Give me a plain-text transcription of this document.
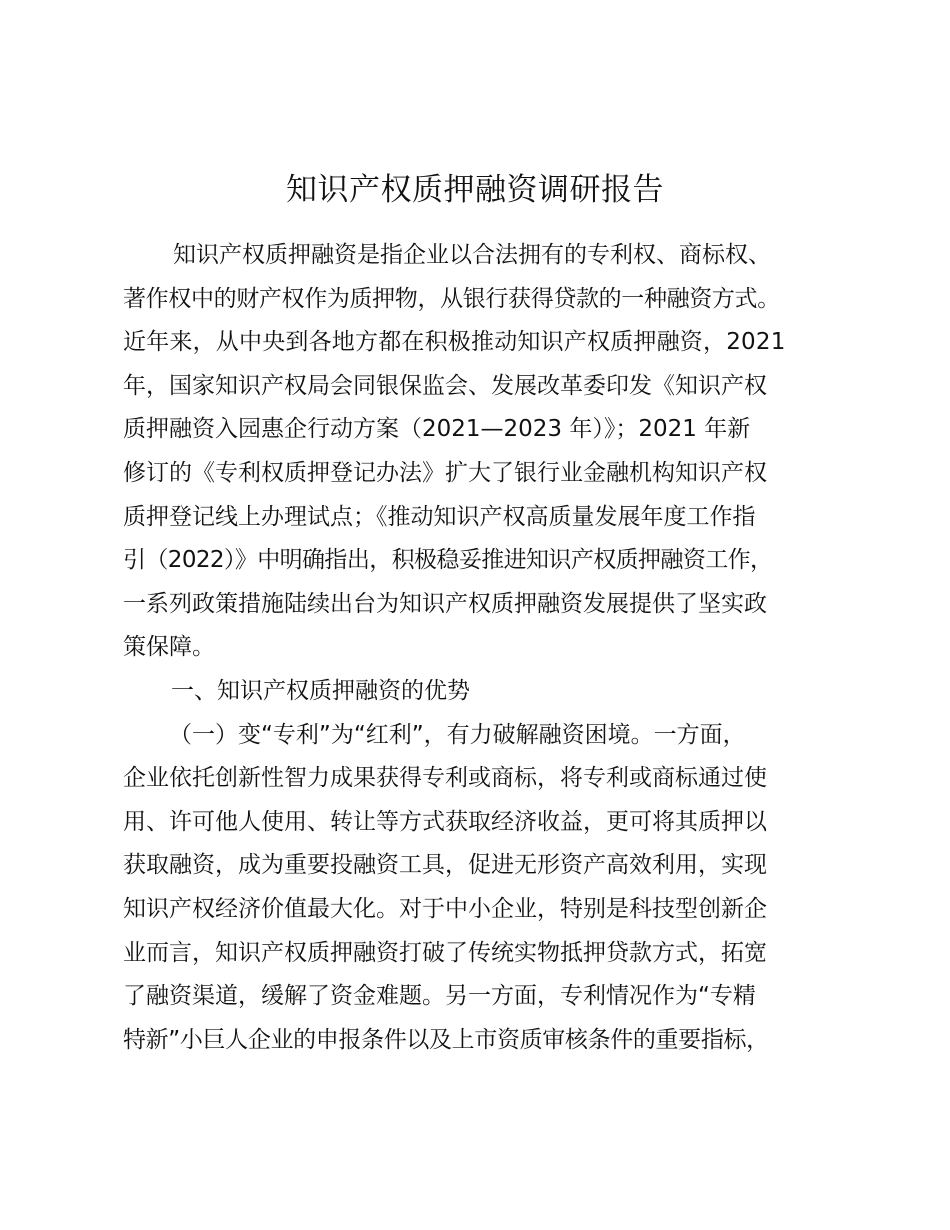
知识产权质押融资调研报告

知识产权质押融资是指企业以合法拥有的专利权、商标权、
著作权中的财产权作为质押物，从银行获得贷款的一种融资方式。
近年来，从中央到各地方都在积极推动知识产权质押融资，2021
年，国家知识产权局会同银保监会、发展改革委印发《知识产权
质押融资入园惠企行动方案（2021—2023 年）》；2021 年新
修订的《专利权质押登记办法》扩大了银行业金融机构知识产权
质押登记线上办理试点；《推动知识产权高质量发展年度工作指
引（2022）》中明确指出，积极稳妥推进知识产权质押融资工作，
一系列政策措施陆续出台为知识产权质押融资发展提供了坚实政
策保障。

一、知识产权质押融资的优势

（一）变“专利”为“红利”，有力破解融资困境。一方面，
企业依托创新性智力成果获得专利或商标，将专利或商标通过使
用、许可他人使用、转让等方式获取经济收益，更可将其质押以
获取融资，成为重要投融资工具，促进无形资产高效利用，实现
知识产权经济价值最大化。对于中小企业，特别是科技型创新企
业而言，知识产权质押融资打破了传统实物抵押贷款方式，拓宽
了融资渠道，缓解了资金难题。另一方面，专利情况作为“专精
特新”小巨人企业的申报条件以及上市资质审核条件的重要指标，
